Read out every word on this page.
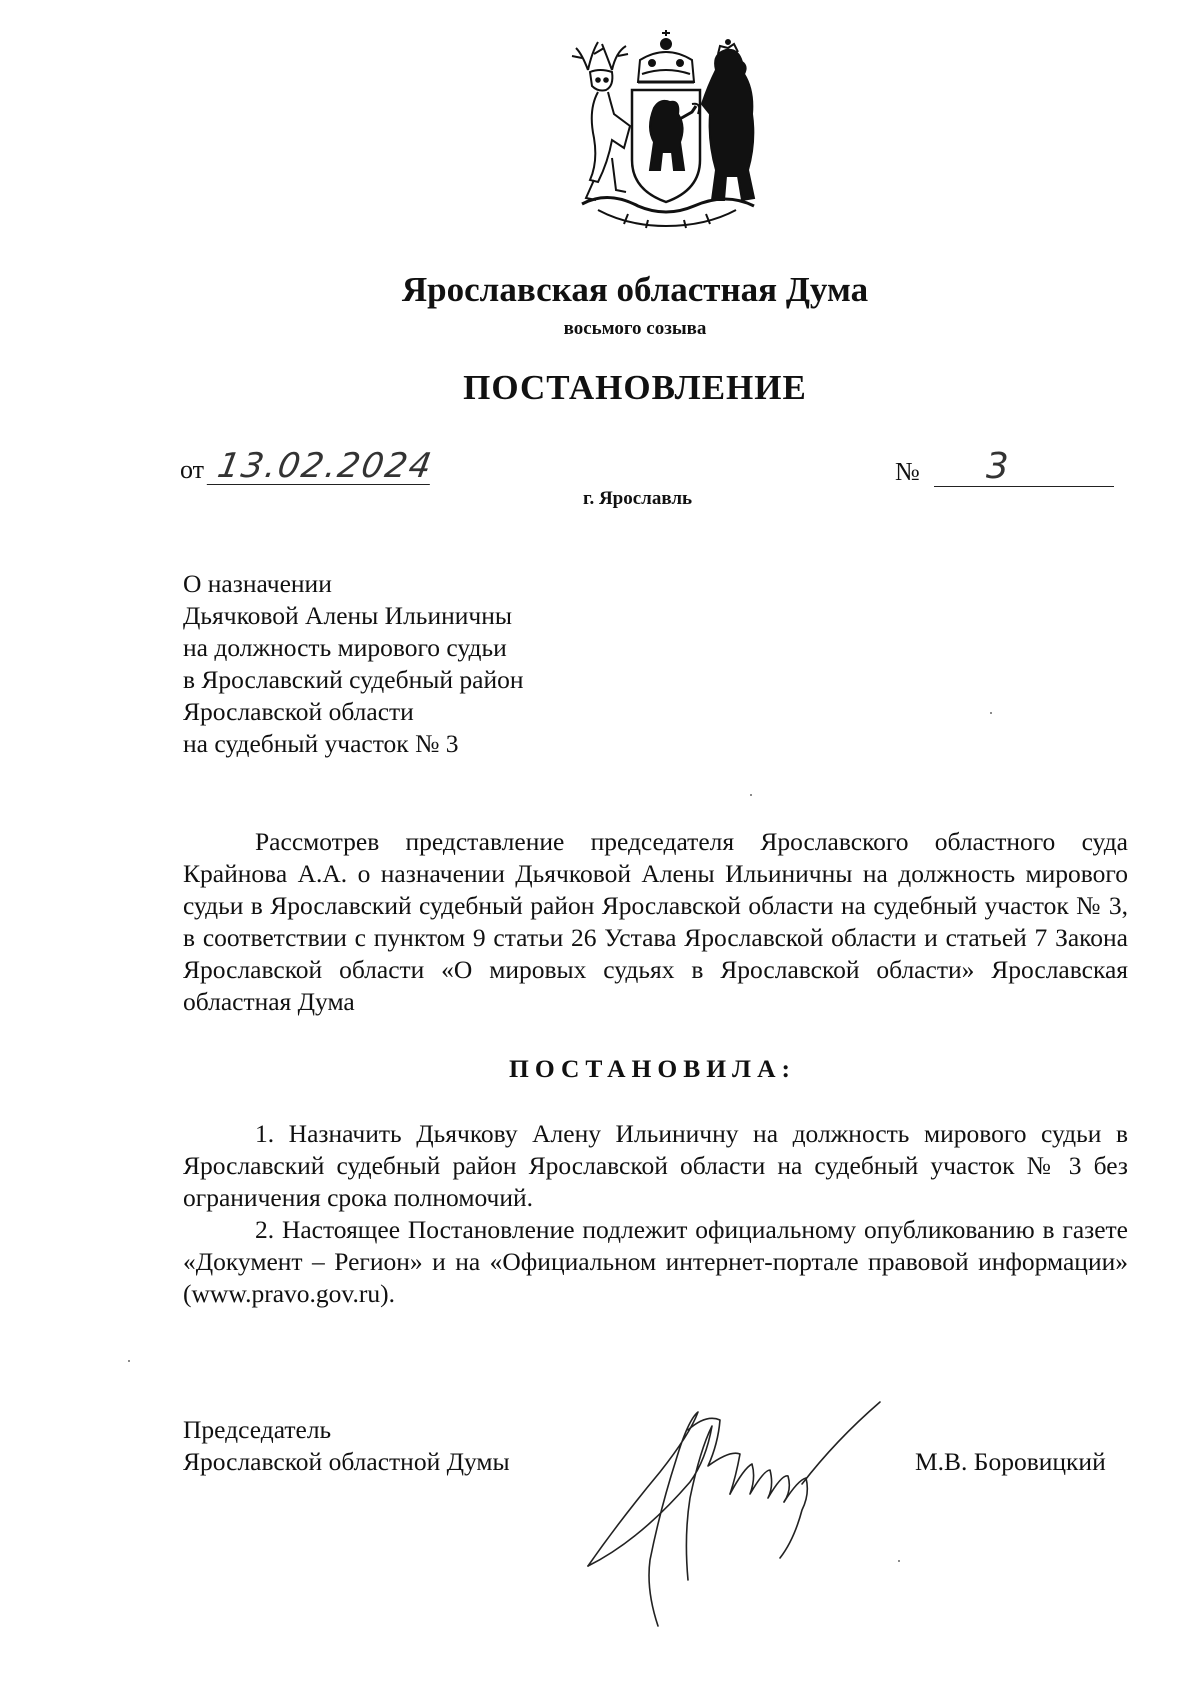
Ярославская областная Дума
восьмого созыва
ПОСТАНОВЛЕНИЕ
от 13.02.2024	№	3
г. Ярославль
О назначении
Дьячковой Алены Ильиничны
на должность мирового судьи
в Ярославский судебный район
Ярославской области
на судебный участок № 3
Рассмотрев представление председателя Ярославского областного суда Крайнова А.А. о назначении Дьячковой Алены Ильиничны на должность мирового судьи в Ярославский судебный район Ярославской области на судебный участок № 3, в соответствии с пунктом 9 статьи 26 Устава Ярославской области и статьей 7 Закона Ярославской области «О мировых судьях в Ярославской области» Ярославская областная Дума
ПОСТАНОВИЛА:

1. Назначить Дьячкову Алену Ильиничну на должность мирового судьи в Ярославский судебный район Ярославской области на судебный участок № 3 без ограничения срока полномочий.

2. Настоящее Постановление подлежит официальному опубликованию в газете «Документ – Регион» и на «Официальном интернет-портале правовой информации» (www.pravo.gov.ru).

Председатель
Ярославской областной Думы	М.В. Боровицкий
